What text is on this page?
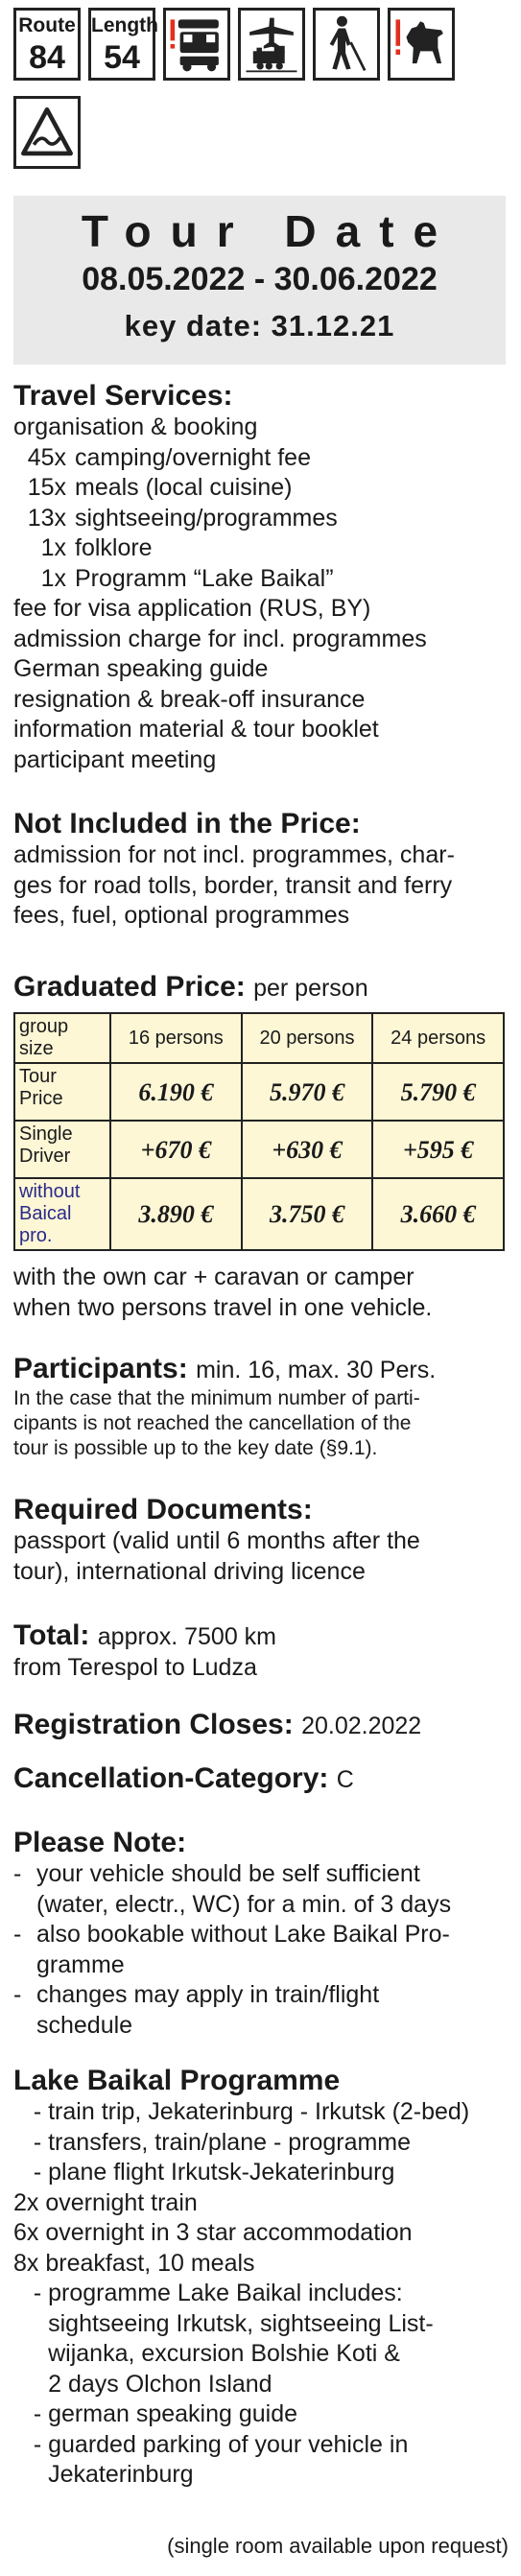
Route
84
Length
54
Tour Date
08.05.2022 - 30.06.2022
key date: 31.12.21
Travel Services:
organisation & booking
45x camping/overnight fee
15x meals (local cuisine)
13x sightseeing/programmes
1x folklore
1x Programm “Lake Baikal”
fee for visa application (RUS, BY)
admission charge for incl. programmes
German speaking guide
resignation & break-off insurance
information material & tour booklet
participant meeting
Not Included in the Price:
admission for not incl. programmes, char-
ges for road tolls, border, transit and ferry
fees, fuel, optional programmes
Graduated Price: per person
group size	16 persons	20 persons	24 persons
Tour Price	6.190 €	5.970 €	5.790 €
Single Driver	+670 €	+630 €	+595 €
without Baical pro.	3.890 €	3.750 €	3.660 €
with the own car + caravan or camper
when two persons travel in one vehicle.
Participants: min. 16, max. 30 Pers.
In the case that the minimum number of parti-
cipants is not reached the cancellation of the
tour is possible up to the key date (§9.1).
Required Documents:
passport (valid until 6 months after the
tour), international driving licence
Total: approx. 7500 km
from Terespol to Ludza
Registration Closes: 20.02.2022
Cancellation-Category: C
Please Note:
- your vehicle should be self sufficient
(water, electr., WC) for a min. of 3 days
- also bookable without Lake Baikal Pro-
gramme
- changes may apply in train/flight
schedule
Lake Baikal Programme
- train trip, Jekaterinburg - Irkutsk (2-bed)
- transfers, train/plane - programme
- plane flight Irkutsk-Jekaterinburg
2x overnight train
6x overnight in 3 star accommodation
8x breakfast, 10 meals
- programme Lake Baikal includes:
sightseeing Irkutsk, sightseeing List-
wijanka, excursion Bolshie Koti &
2 days Olchon Island
- german speaking guide
- guarded parking of your vehicle in
Jekaterinburg
(single room available upon request)
